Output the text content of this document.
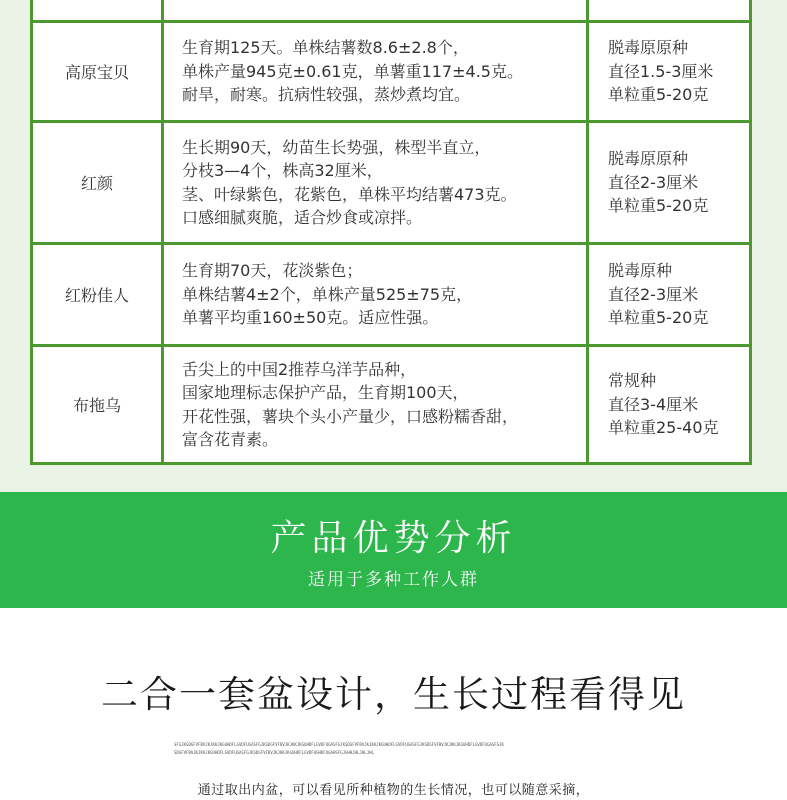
高原宝贝	生育期125天。单株结薯数8.6±2.8个，
单株产量945克±0.61克，单薯重117±4.5克。
耐旱，耐寒。抗病性较强，蒸炒煮均宜。	脱毒原原种
直径1.5-3厘米
单粒重5-20克

红颜	生长期90天，幼苗生长势强，株型半直立，
分枝3—4个，株高32厘米，
茎、叶绿紫色，花紫色，单株平均结薯473克。
口感细腻爽脆，适合炒食或凉拌。	脱毒原原种
直径2-3厘米
单粒重5-20克

红粉佳人	生育期70天，花淡紫色；
单株结薯4±2个，单株产量525±75克，
单薯平均重160±50克。适应性强。	脱毒原种
直径2-3厘米
单粒重5-20克

布拖乌	舌尖上的中国2推荐乌洋芋品种，
国家地理标志保护产品，生育期100天，
开花性强，薯块个头小产量少，口感粉糯香甜，
富含花青素。	常规种
直径3-4厘米
单粒重25-40克
产品优势分析
适用于多种工作人群
二合一套盆设计，生长过程看得见
SFGJKSDGFVFBVJKJKKJKGUHDFLGVDFUGASFGJKSDGFVFBVJKJKKJKGUHDFLGVDFUGASFGJKSDGFVFBVJKJKKJKGUHDFLGVDFUGASFGJKSDGFVFBVJKJKKJKGUHDFLGVDFUGASFGJK
SDGFVFBVJKJKKJKGUHDFLGVDFUGASFGJKSDGFVFBVJKJKKJKGUHDFLGVDFUGHDFUGAHSFGJGHHJHLJHLJHL
通过取出内盆，可以看见所种植物的生长情况，也可以随意采摘，
